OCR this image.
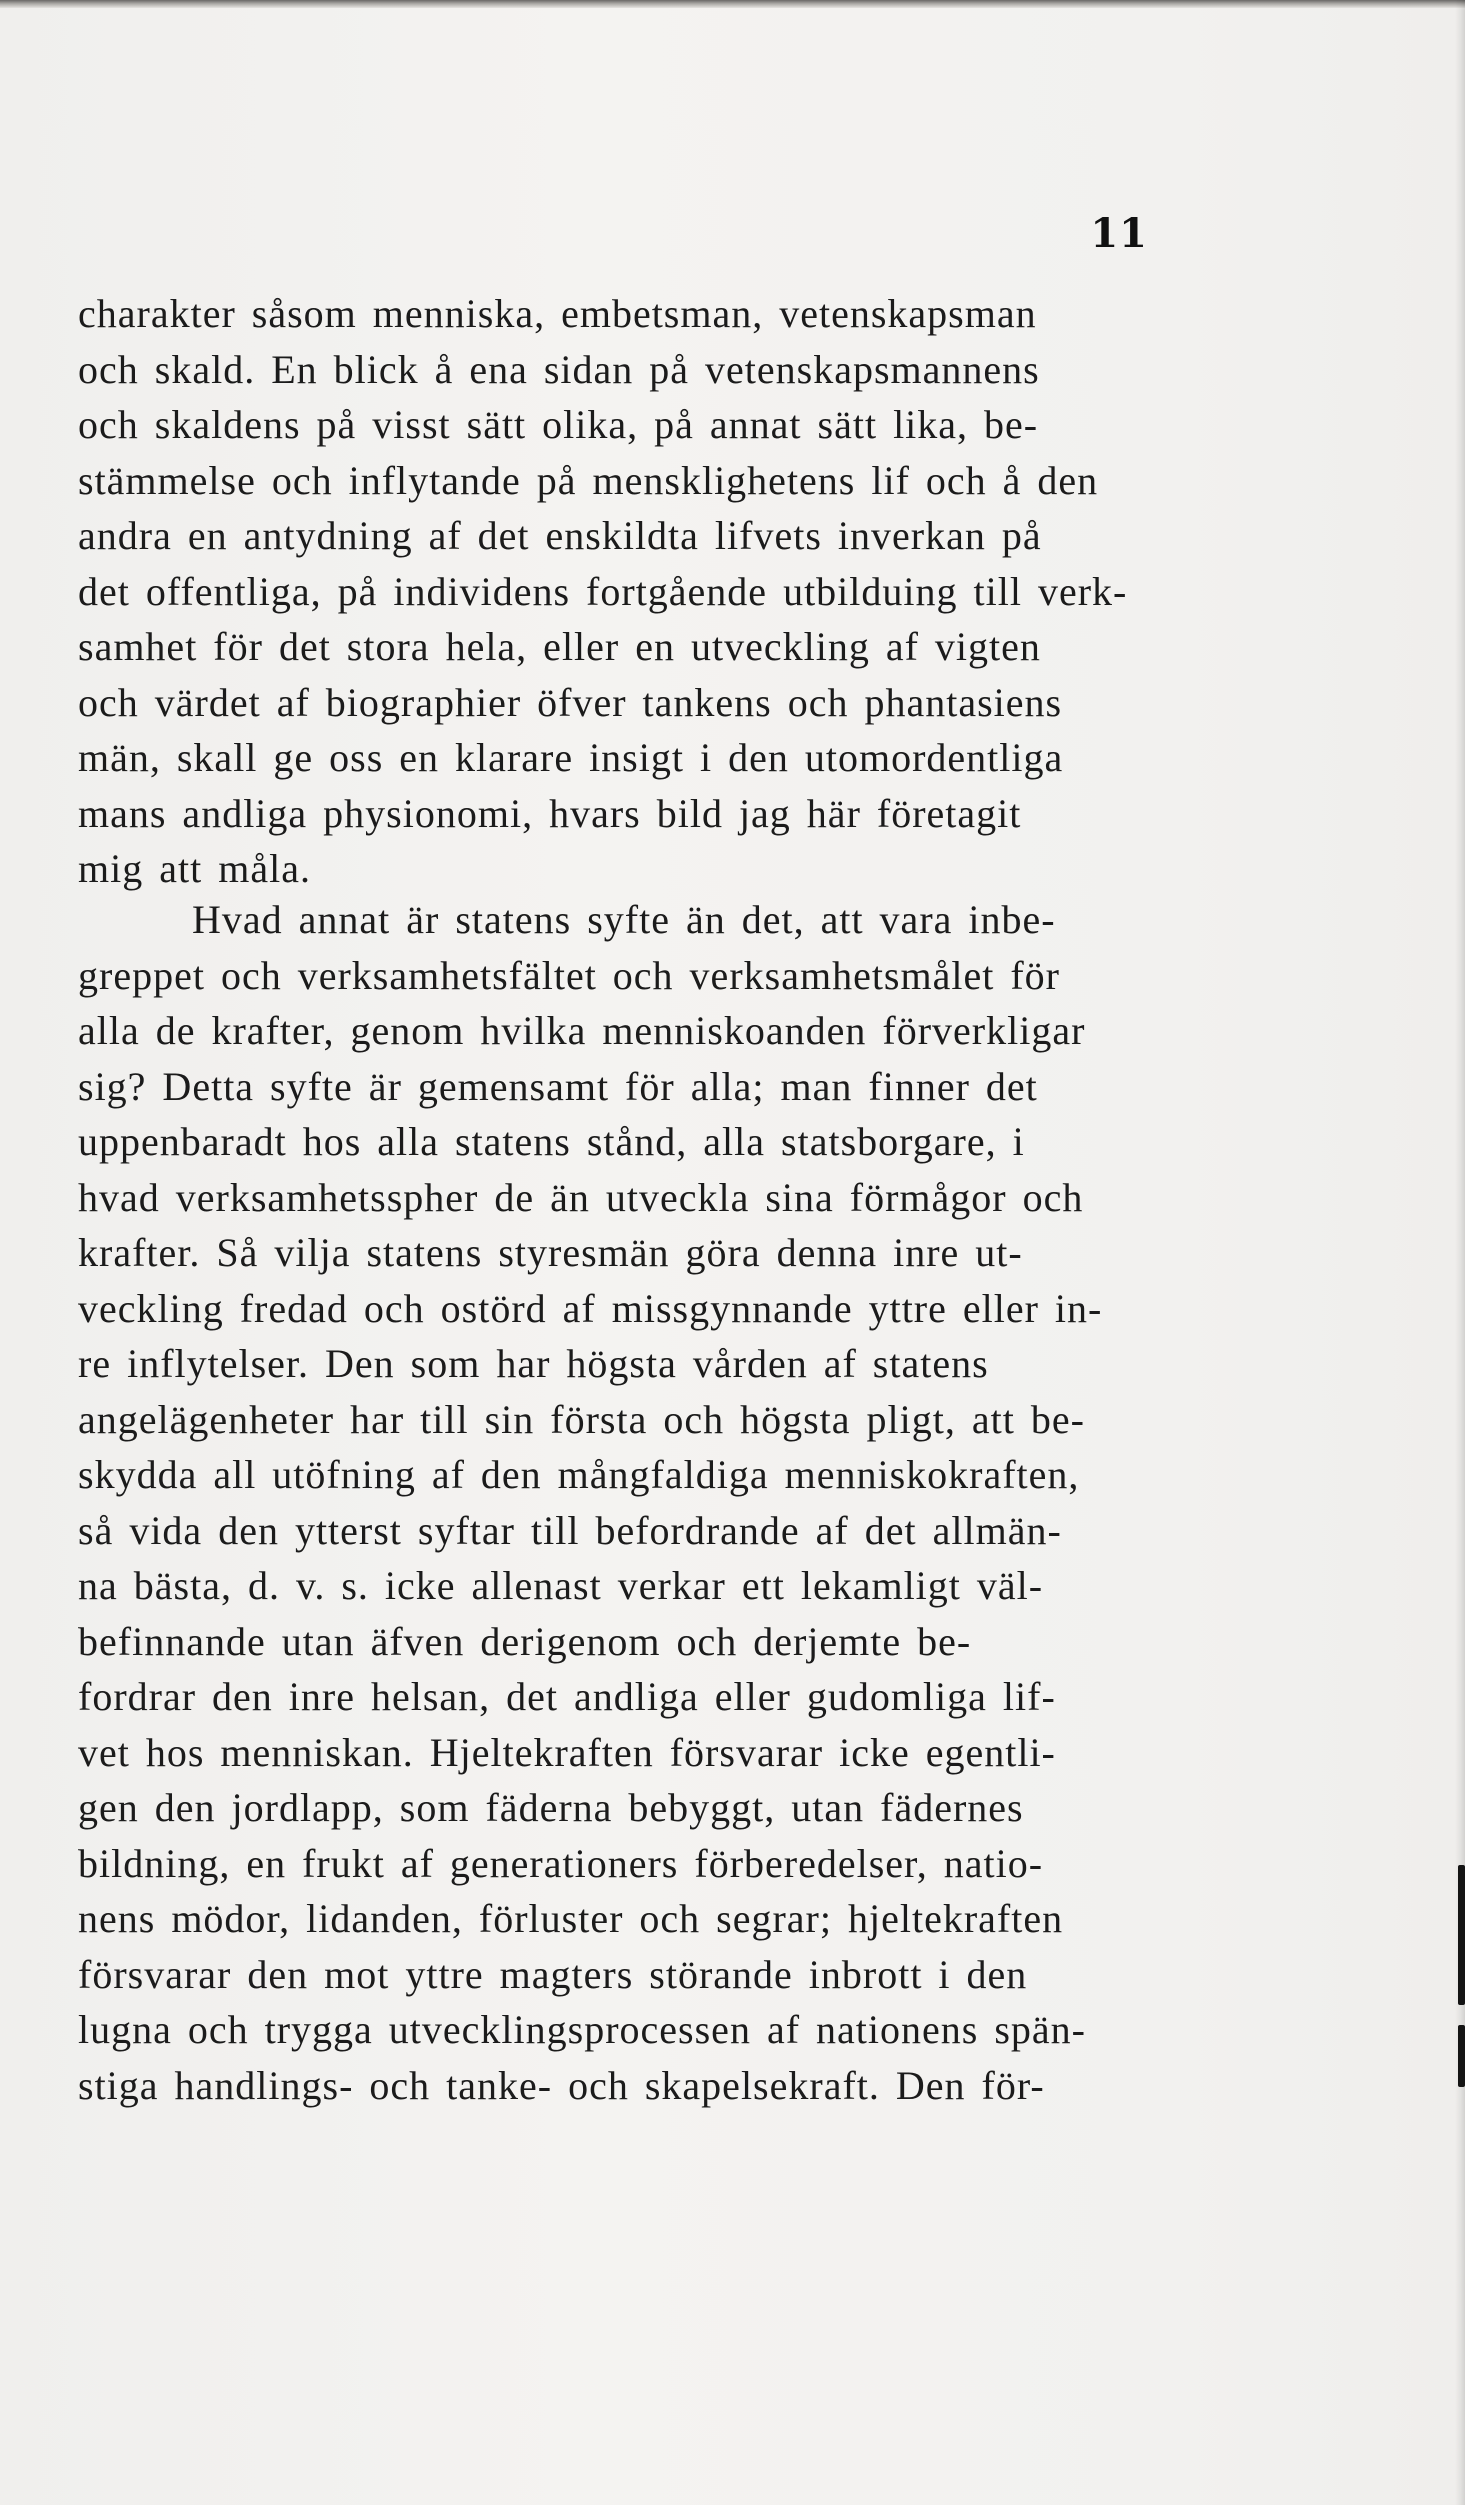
11

charakter såsom menniska, embetsman, vetenskapsman
och skald. En blick å ena sidan på vetenskapsmannens
och skaldens på visst sätt olika, på annat sätt lika, be-
stämmelse och inflytande på mensklighetens lif och å den
andra en antydning af det enskildta lifvets inverkan på
det offentliga, på individens fortgående utbilduing till verk-
samhet för det stora hela, eller en utveckling af vigten
och värdet af biographier öfver tankens och phantasiens
män, skall ge oss en klarare insigt i den utomordentliga
mans andliga physionomi, hvars bild jag här företagit
mig att måla.

Hvad annat är statens syfte än det, att vara inbe-
greppet och verksamhetsfältet och verksamhetsmålet för
alla de krafter, genom hvilka menniskoanden förverkligar
sig? Detta syfte är gemensamt för alla; man finner det
uppenbaradt hos alla statens stånd, alla statsborgare, i
hvad verksamhetsspher de än utveckla sina förmågor och
krafter. Så vilja statens styresmän göra denna inre ut-
veckling fredad och ostörd af missgynnande yttre eller in-
re inflytelser. Den som har högsta vården af statens
angelägenheter har till sin första och högsta pligt, att be-
skydda all utöfning af den mångfaldiga menniskokraften,
så vida den ytterst syftar till befordrande af det allmän-
na bästa, d. v. s. icke allenast verkar ett lekamligt väl-
befinnande utan äfven derigenom och derjemte be-
fordrar den inre helsan, det andliga eller gudomliga lif-
vet hos menniskan. Hjeltekraften försvarar icke egentli-
gen den jordlapp, som fäderna bebyggt, utan fädernes
bildning, en frukt af generationers förberedelser, natio-
nens mödor, lidanden, förluster och segrar; hjeltekraften
försvarar den mot yttre magters störande inbrott i den
lugna och trygga utvecklingsprocessen af nationens spän-
stiga handlings- och tanke- och skapelsekraft. Den för-
